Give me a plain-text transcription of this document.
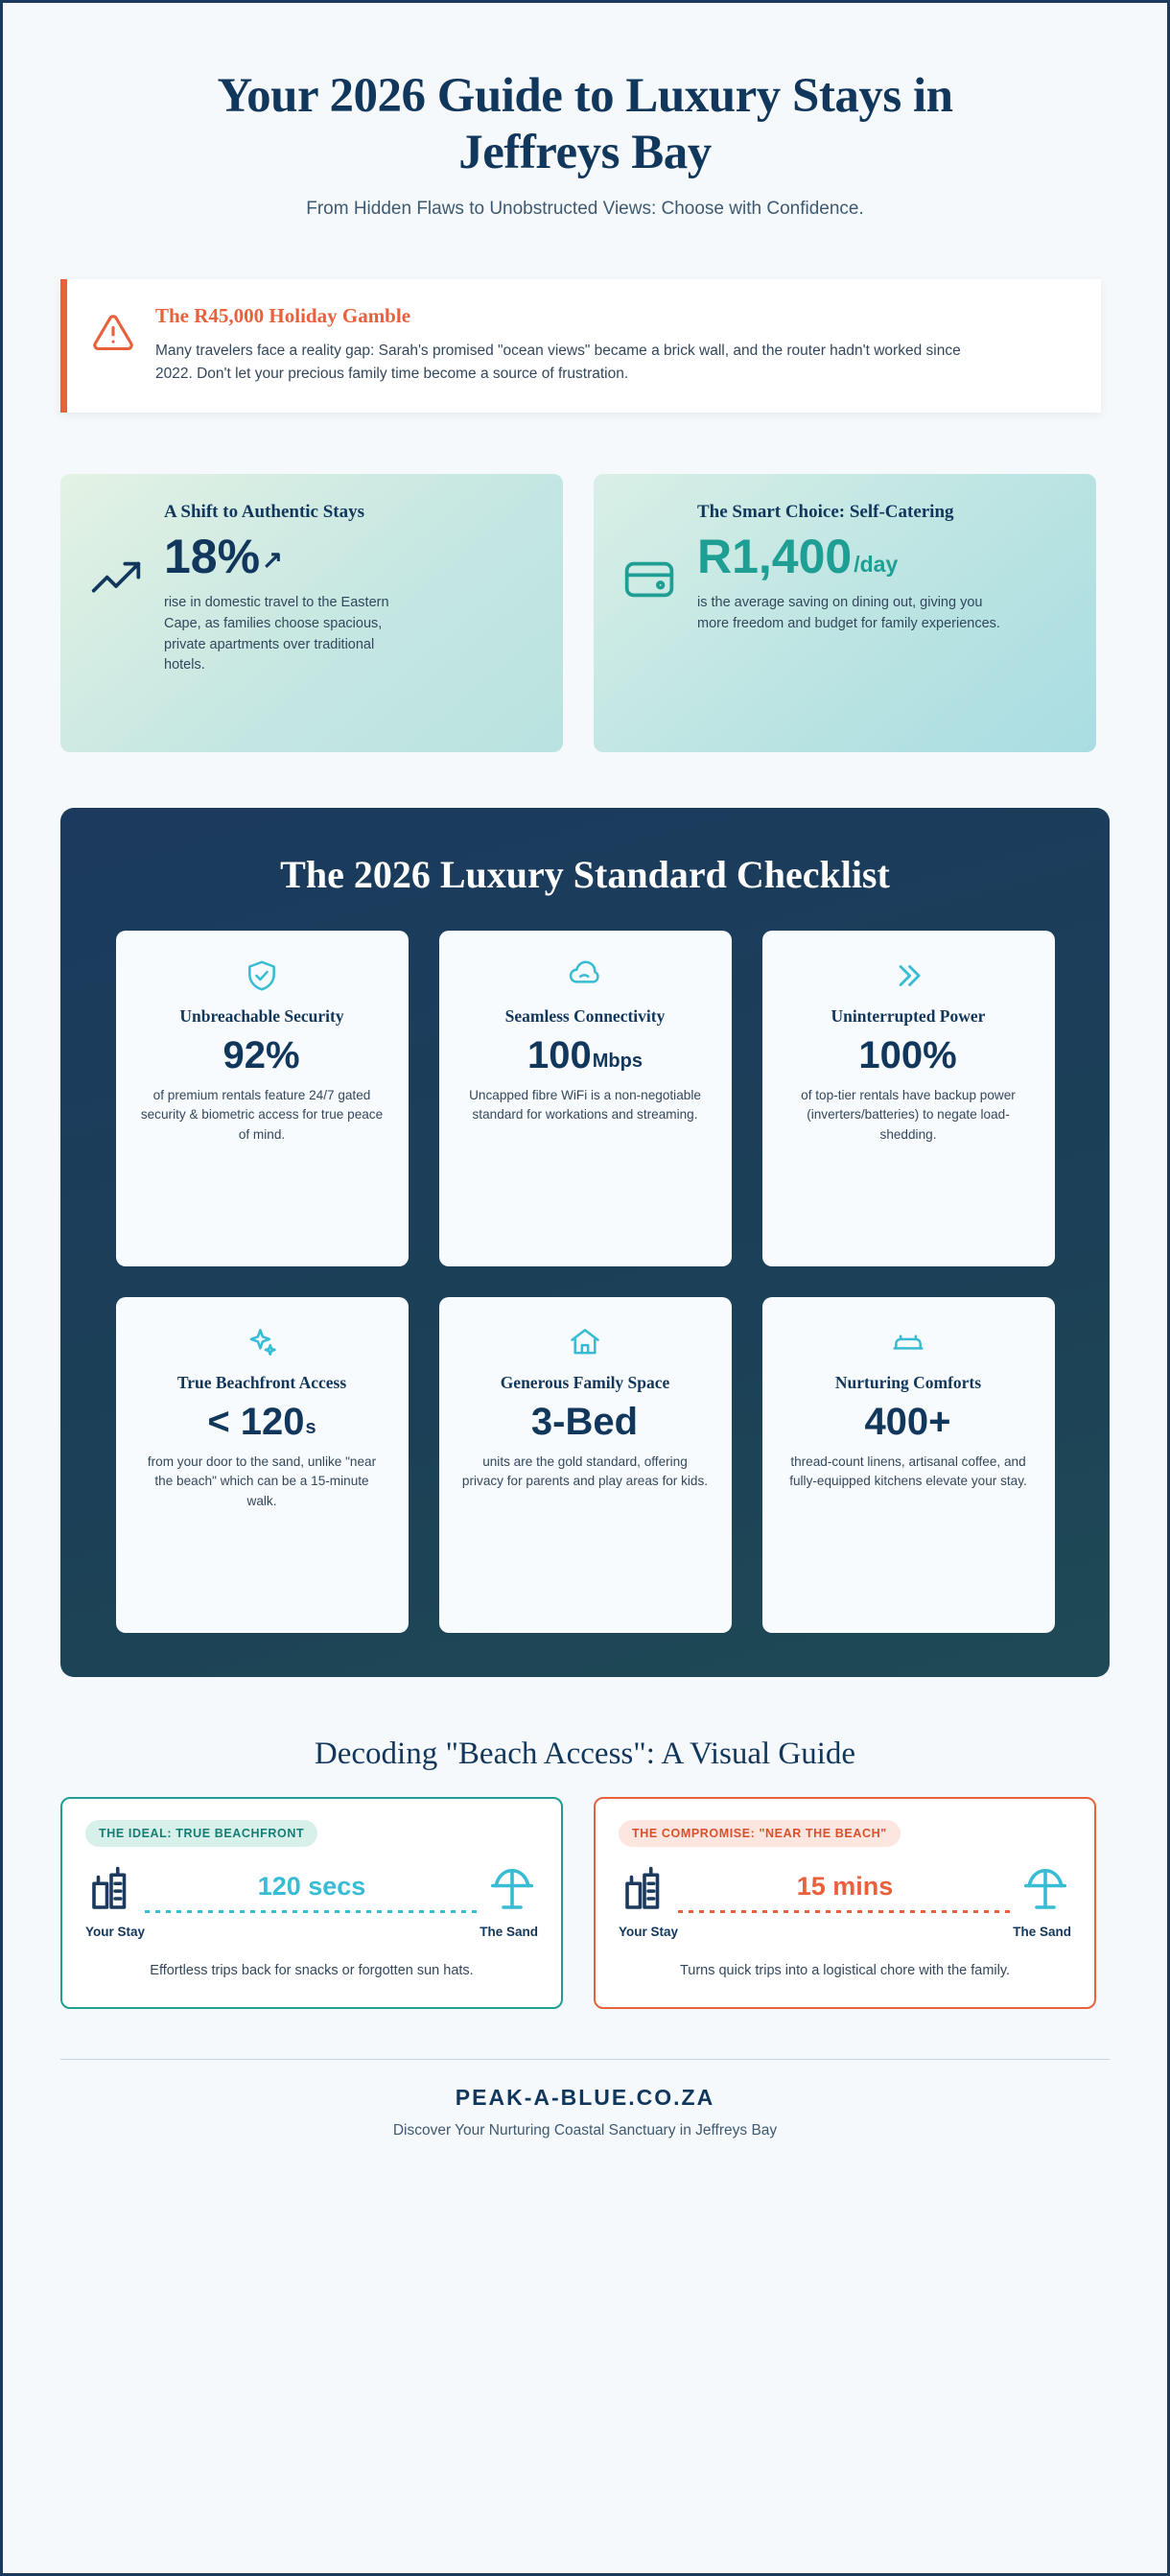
Your 2026 Guide to Luxury Stays in Jeffreys Bay
From Hidden Flaws to Unobstructed Views: Choose with Confidence.
The R45,000 Holiday Gamble

Many travelers face a reality gap: Sarah's promised "ocean views" became a brick wall, and the router hadn't worked since 2022. Don't let your precious family time become a source of frustration.

A Shift to Authentic Stays
18% ↗

rise in domestic travel to the Eastern Cape, as families choose spacious, private apartments over traditional hotels.

The Smart Choice: Self-Catering
R1,400 /day

is the average saving on dining out, giving you more freedom and budget for family experiences.

The 2026 Luxury Standard Checklist
Unbreachable Security
92%

of premium rentals feature 24/7 gated security & biometric access for true peace of mind.

Seamless Connectivity
100 Mbps

Uncapped fibre WiFi is a non-negotiable standard for workations and streaming.

Uninterrupted Power
100%

of top-tier rentals have backup power (inverters/batteries) to negate load-shedding.

True Beachfront Access
< 120 s

from your door to the sand, unlike "near the beach" which can be a 15-minute walk.

Generous Family Space
3-Bed

units are the gold standard, offering privacy for parents and play areas for kids.

Nurturing Comforts
400+

thread-count linens, artisanal coffee, and fully-equipped kitchens elevate your stay.

Decoding "Beach Access": A Visual Guide
THE IDEAL: TRUE BEACHFRONT
120 secs
Your Stay	The Sand

Effortless trips back for snacks or forgotten sun hats.

THE COMPROMISE: "NEAR THE BEACH"
15 mins
Your Stay	The Sand

Turns quick trips into a logistical chore with the family.

PEAK-A-BLUE.CO.ZA
Discover Your Nurturing Coastal Sanctuary in Jeffreys Bay
